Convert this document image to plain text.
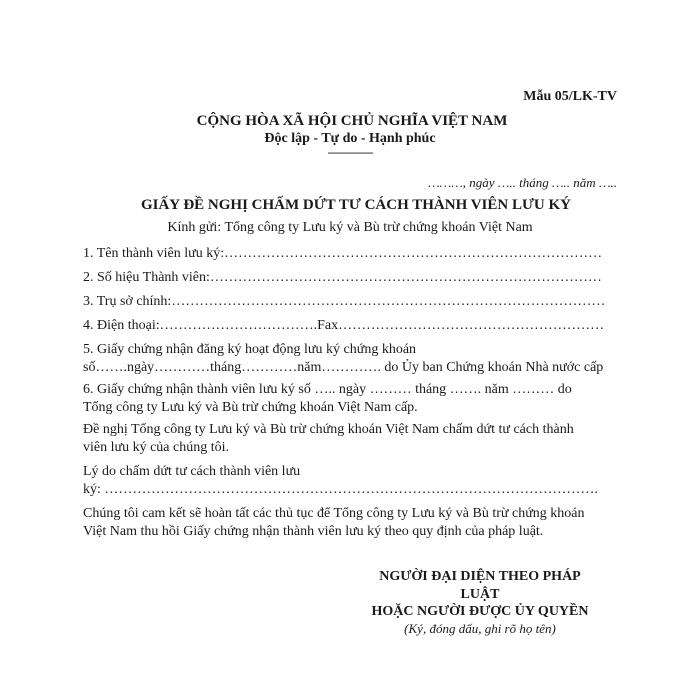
Mẫu 05/LK-TV
CỘNG HÒA XÃ HỘI CHỦ NGHĨA VIỆT NAM
Độc lập - Tự do - Hạnh phúc
---------------
………, ngày ….. tháng ….. năm …..
GIẤY ĐỀ NGHỊ CHẤM DỨT TƯ CÁCH THÀNH VIÊN LƯU KÝ
Kính gửi: Tổng công ty Lưu ký và Bù trừ chứng khoán Việt Nam
1. Tên thành viên lưu ký:………………………………………………………………………
2. Số hiệu Thành viên:…………………………………………………………………………
3. Trụ sở chính:…………………………………………………………………………………
4. Điện thoại:…………………………….Fax…………………………………………………
5. Giấy chứng nhận đăng ký hoạt động lưu ký chứng khoán
số…….ngày…………tháng…………năm…………. do Ủy ban Chứng khoán Nhà nước cấp
6. Giấy chứng nhận thành viên lưu ký số ….. ngày ……… tháng ……. năm ……… do
Tổng công ty Lưu ký và Bù trừ chứng khoán Việt Nam cấp.
Đề nghị Tổng công ty Lưu ký và Bù trừ chứng khoán Việt Nam chấm dứt tư cách thành
viên lưu ký của chúng tôi.
Lý do chấm dứt tư cách thành viên lưu
ký: …………………………………………………………………………………………….
Chúng tôi cam kết sẽ hoàn tất các thủ tục để Tổng công ty Lưu ký và Bù trừ chứng khoán
Việt Nam thu hồi Giấy chứng nhận thành viên lưu ký theo quy định của pháp luật.
NGƯỜI ĐẠI DIỆN THEO PHÁP
LUẬT
HOẶC NGƯỜI ĐƯỢC ỦY QUYỀN
(Ký, đóng dấu, ghi rõ họ tên)
